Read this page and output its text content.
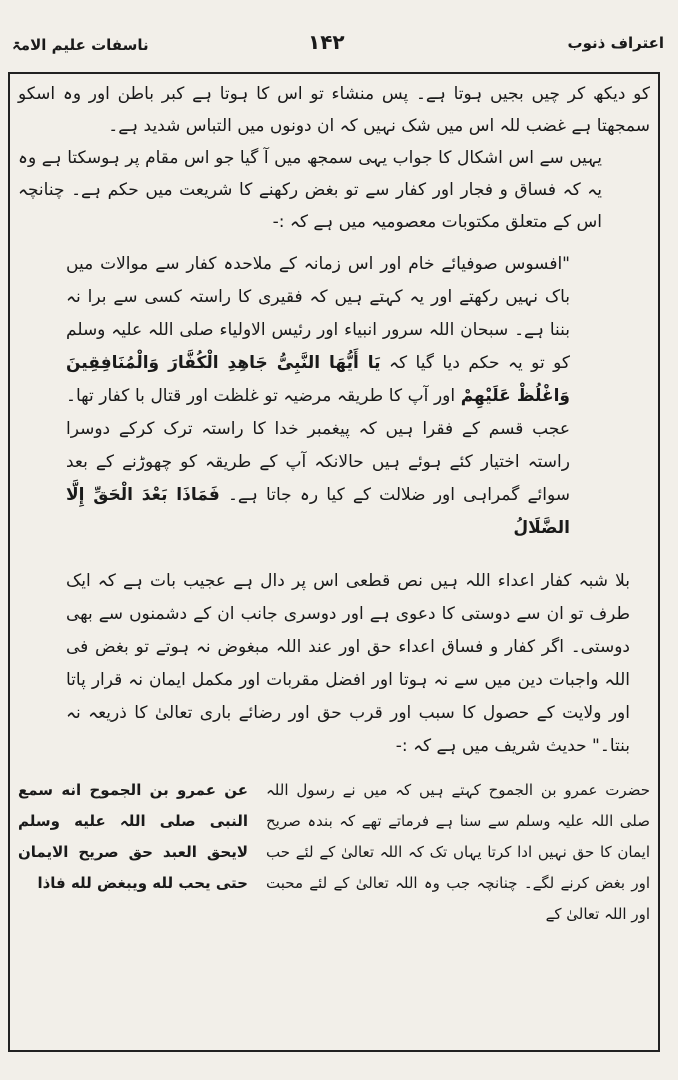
اعتراف ذنوب
۱۴۲
ناسفات علیم الامۃ

کو دیکھ کر چیں بجیں ہوتا ہے۔ پس منشاء تو اس کا ہوتا ہے کبر باطن اور وہ اسکو سمجھتا ہے غضب للہ اس میں شک نہیں کہ ان دونوں میں التباس شدید ہے۔

یہیں سے اس اشکال کا جواب یہی سمجھ میں آ گیا جو اس مقام پر ہوسکتا ہے وہ یہ کہ فساق و فجار اور کفار سے تو بغض رکھنے کا شریعت میں حکم ہے۔ چنانچہ اس کے متعلق مکتوبات معصومیہ میں ہے کہ :-

"افسوس صوفیائے خام اور اس زمانہ کے ملاحدہ کفار سے موالات میں باک نہیں رکھتے اور یہ کہتے ہیں کہ فقیری کا راستہ کسی سے برا نہ بننا ہے۔ سبحان اللہ سرور انبیاء اور رئیس الاولیاء صلی اللہ علیہ وسلم کو تو یہ حکم دیا گیا کہ یَا أَیُّهَا النَّبِیُّ جَاهِدِ الْکُفَّارَ وَالْمُنَافِقِینَ وَاغْلُظْ عَلَیْهِمْ اور آپ کا طریقہ مرضیہ تو غلظت اور قتال با کفار تھا۔ عجب قسم کے فقرا ہیں کہ پیغمبر خدا کا راستہ ترک کرکے دوسرا راستہ اختیار کئے ہوئے ہیں حالانکہ آپ کے طریقہ کو چھوڑنے کے بعد سوائے گمراہی اور ضلالت کے کیا رہ جاتا ہے۔ فَمَاذَا بَعْدَ الْحَقِّ إِلَّا الضَّلَالُ

بلا شبہ کفار اعداء اللہ ہیں نص قطعی اس پر دال ہے عجیب بات ہے کہ ایک طرف تو ان سے دوستی کا دعوی ہے اور دوسری جانب ان کے دشمنوں سے بھی دوستی۔ اگر کفار و فساق اعداء حق اور عند اللہ مبغوض نہ ہوتے تو بغض فی اللہ واجبات دین میں سے نہ ہوتا اور افضل مقربات اور مکمل ایمان نہ قرار پاتا اور ولایت کے حصول کا سبب اور قرب حق اور رضائے باری تعالیٰ کا ذریعہ نہ بنتا۔" حدیث شریف میں ہے کہ :-

عن عمرو بن الجموح انه سمع النبی صلی اللہ علیه وسلم لایحق العبد حق صریح الایمان حتی یحب لله ویبغض لله فاذا
حضرت عمرو بن الجموح کہتے ہیں کہ میں نے رسول اللہ صلی اللہ علیہ وسلم سے سنا ہے فرماتے تھے کہ بندہ صریح ایمان کا حق نہیں ادا کرتا یہاں تک کہ اللہ تعالیٰ کے لئے حب اور بغض کرنے لگے۔ چنانچہ جب وہ اللہ تعالیٰ کے لئے محبت اور اللہ تعالیٰ کے
